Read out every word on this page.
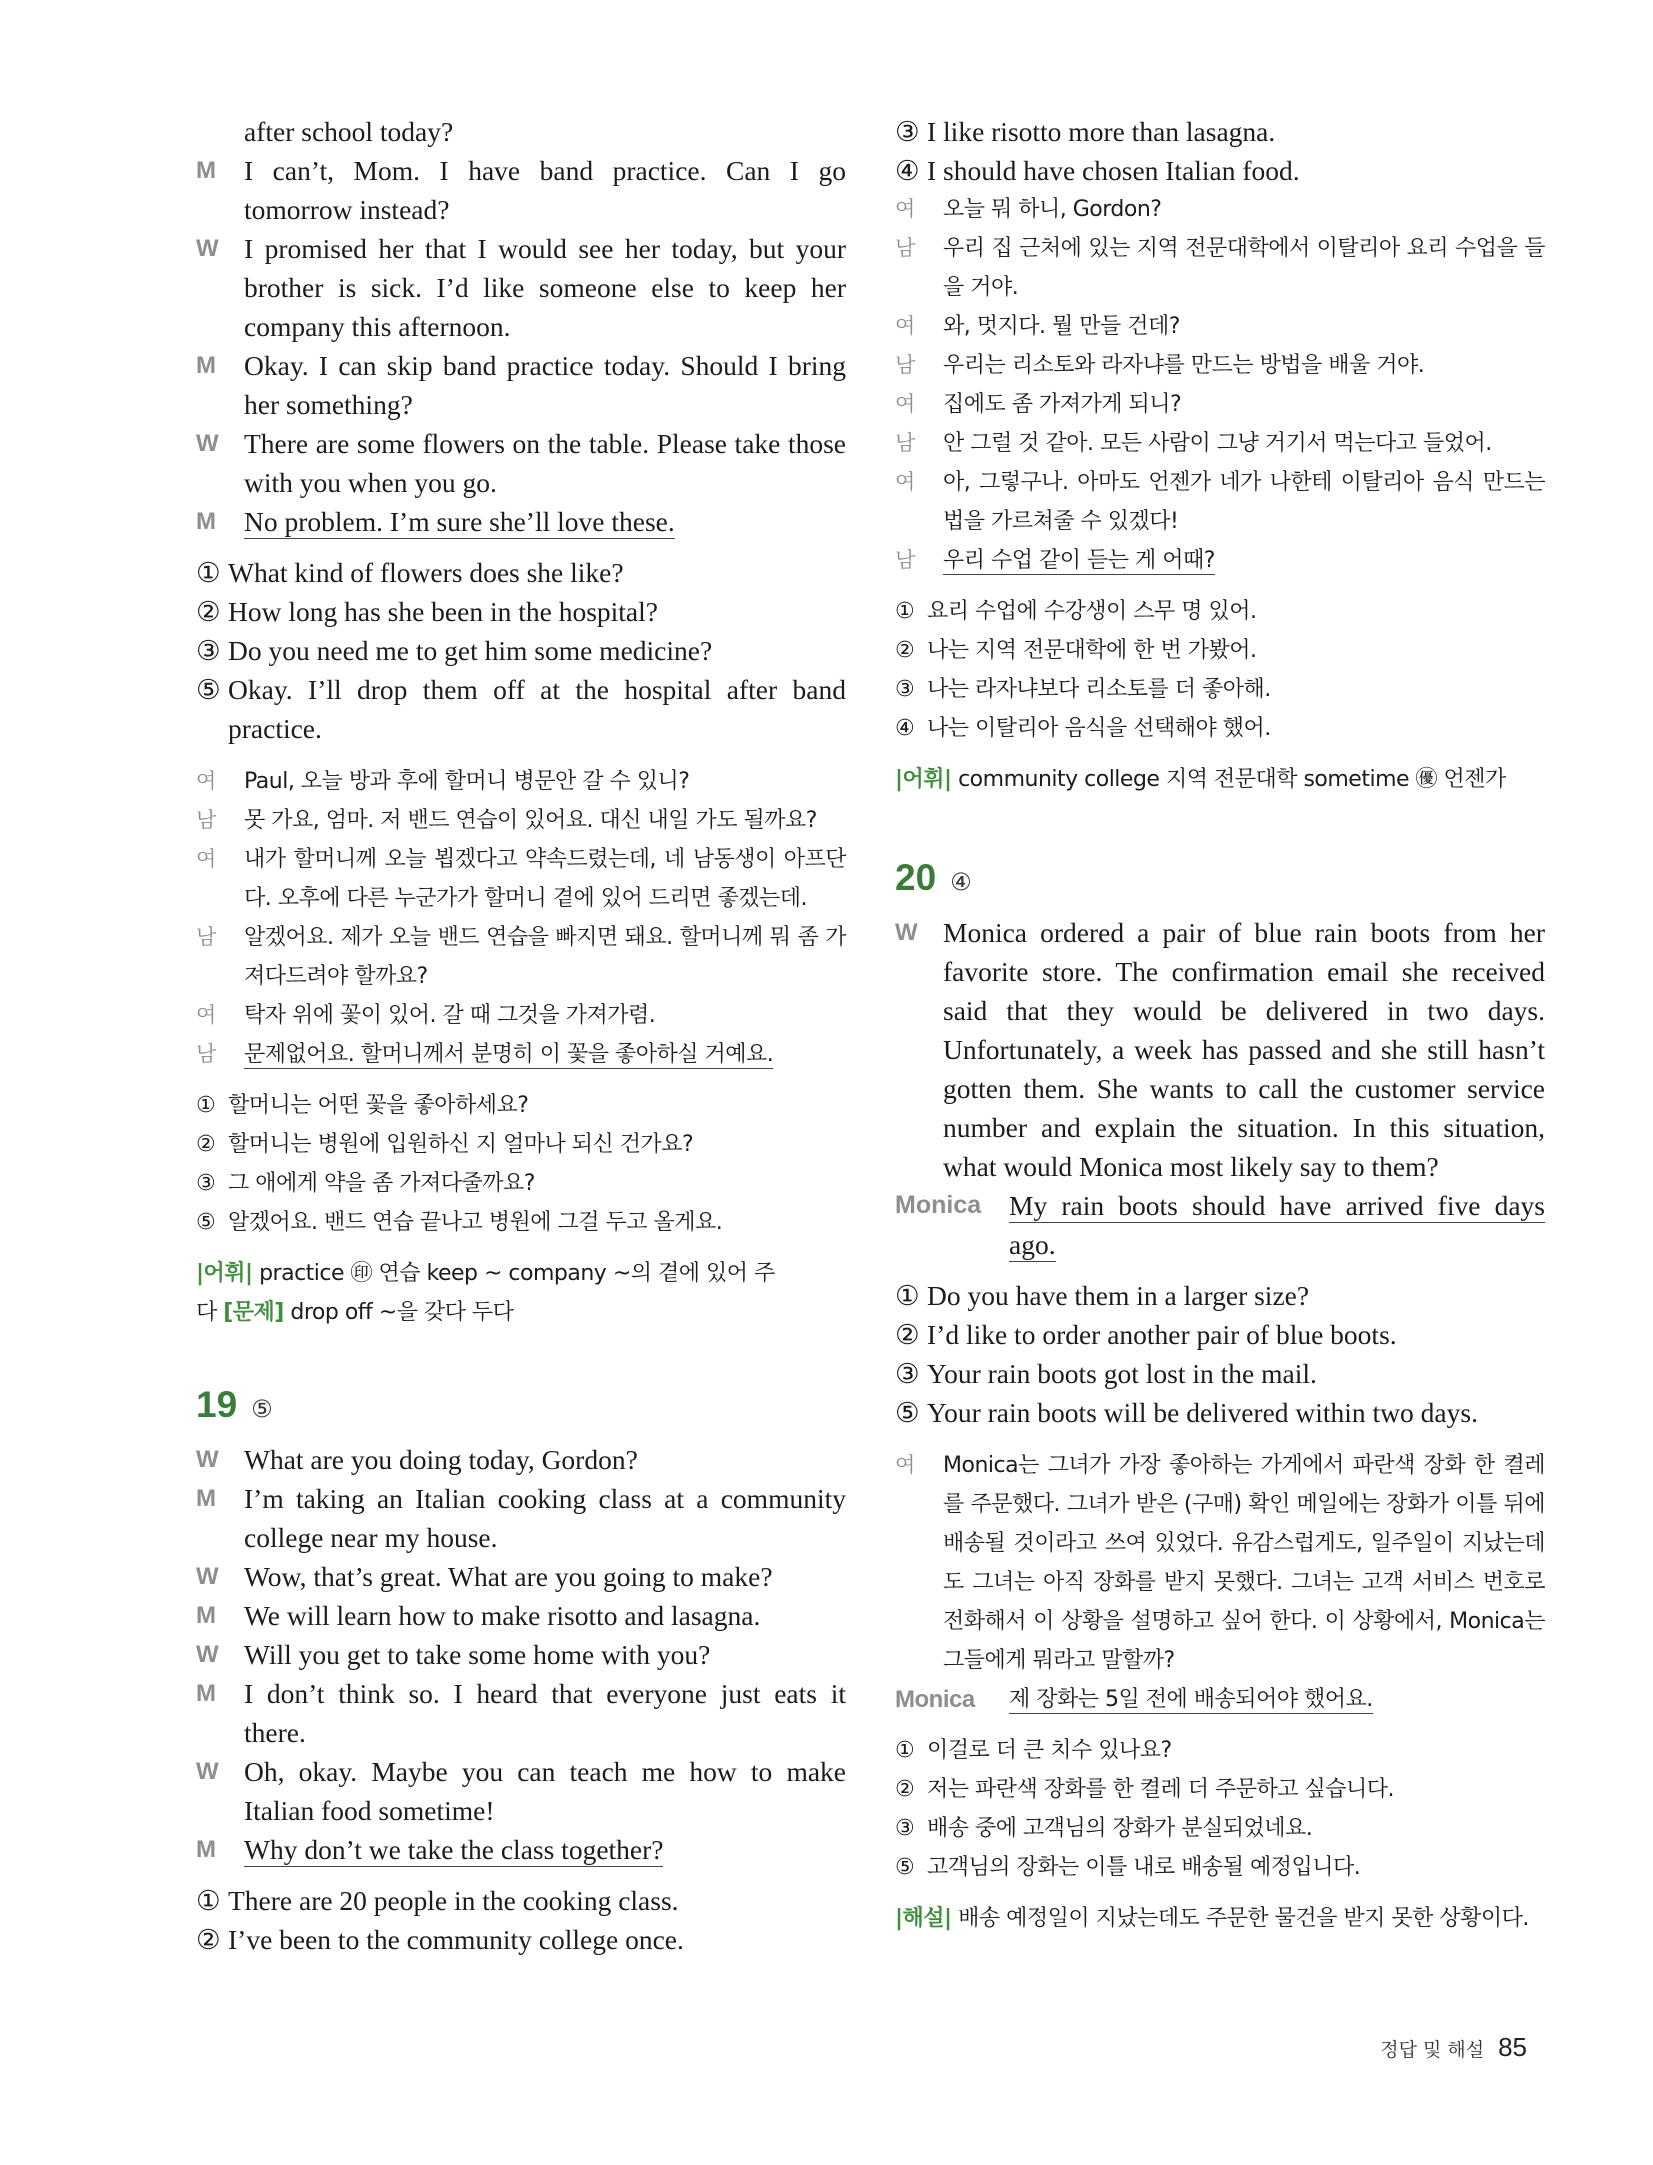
after school today?
M	I can’t, Mom. I have band practice. Can I go tomorrow instead?
W I promised her that I would see her today, but your brother is sick. I’d like someone else to keep her company this afternoon.
M	Okay. I can skip band practice today. Should I bring her something?
W There are some flowers on the table. Please take those with you when you go.
M	No problem. I’m sure she’ll love these.
① What kind of flowers does she like?
② How long has she been in the hospital?
③ Do you need me to get him some medicine?
⑤ Okay. I’ll drop them off at the hospital after band practice.
여	Paul, 오늘 방과 후에 할머니 병문안 갈 수 있니?
남	못 가요, 엄마. 저 밴드 연습이 있어요. 대신 내일 가도 될까요?
여	내가 할머니께 오늘 뵙겠다고 약속드렸는데, 네 남동생이 아프단다. 오후에 다른 누군가가 할머니 곁에 있어 드리면 좋겠는데.
남	알겠어요. 제가 오늘 밴드 연습을 빠지면 돼요. 할머니께 뭐 좀 가져다드려야 할까요?
여	탁자 위에 꽃이 있어. 갈 때 그것을 가져가렴.
남	문제없어요. 할머니께서 분명히 이 꽃을 좋아하실 거예요.
① 할머니는 어떤 꽃을 좋아하세요?
② 할머니는 병원에 입원하신 지 얼마나 되신 건가요?
③ 그 애에게 약을 좀 가져다줄까요?
⑤ 알겠어요. 밴드 연습 끝나고 병원에 그걸 두고 올게요.
|어휘| practice ㊞ 연습 keep ~ company ~의 곁에 있어 주
다 [문제] drop off ~을 갖다 두다
19 ⑤
W What are you doing today, Gordon?
M	I’m taking an Italian cooking class at a community college near my house.
W Wow, that’s great. What are you going to make?
M	We will learn how to make risotto and lasagna.
W Will you get to take some home with you?
M	I don’t think so. I heard that everyone just eats it there.
W Oh, okay. Maybe you can teach me how to make Italian food sometime!
M	Why don’t we take the class together?
① There are 20 people in the cooking class.
② I’ve been to the community college once.
③ I like risotto more than lasagna.
④ I should have chosen Italian food.
여	오늘 뭐 하니, Gordon?
남	우리 집 근처에 있는 지역 전문대학에서 이탈리아 요리 수업을 들을 거야.
여	와, 멋지다. 뭘 만들 건데?
남	우리는 리소토와 라자냐를 만드는 방법을 배울 거야.
여	집에도 좀 가져가게 되니?
남	안 그럴 것 같아. 모든 사람이 그냥 거기서 먹는다고 들었어.
여	아, 그렇구나. 아마도 언젠가 네가 나한테 이탈리아 음식 만드는 법을 가르쳐줄 수 있겠다!
남	우리 수업 같이 듣는 게 어때?
① 요리 수업에 수강생이 스무 명 있어.
② 나는 지역 전문대학에 한 번 가봤어.
③ 나는 라자냐보다 리소토를 더 좋아해.
④ 나는 이탈리아 음식을 선택해야 했어.
|어휘| community college 지역 전문대학 sometime ㊝ 언젠가
20 ④
W Monica ordered a pair of blue rain boots from her favorite store. The confirmation email she received said that they would be delivered in two days. Unfortunately, a week has passed and she still hasn’t gotten them. She wants to call the customer service number and explain the situation. In this situation, what would Monica most likely say to them?
Monica	My rain boots should have arrived five days ago.
① Do you have them in a larger size?
② I’d like to order another pair of blue boots.
③ Your rain boots got lost in the mail.
⑤ Your rain boots will be delivered within two days.
여	Monica는 그녀가 가장 좋아하는 가게에서 파란색 장화 한 켤레를 주문했다. 그녀가 받은 (구매) 확인 메일에는 장화가 이틀 뒤에 배송될 것이라고 쓰여 있었다. 유감스럽게도, 일주일이 지났는데도 그녀는 아직 장화를 받지 못했다. 그녀는 고객 서비스 번호로 전화해서 이 상황을 설명하고 싶어 한다. 이 상황에서, Monica는 그들에게 뭐라고 말할까?
Monica	제 장화는 5일 전에 배송되어야 했어요.
① 이걸로 더 큰 치수 있나요?
② 저는 파란색 장화를 한 켤레 더 주문하고 싶습니다.
③ 배송 중에 고객님의 장화가 분실되었네요.
⑤ 고객님의 장화는 이틀 내로 배송될 예정입니다.
|해설| 배송 예정일이 지났는데도 주문한 물건을 받지 못한 상황이다.
정답 및 해설 85
